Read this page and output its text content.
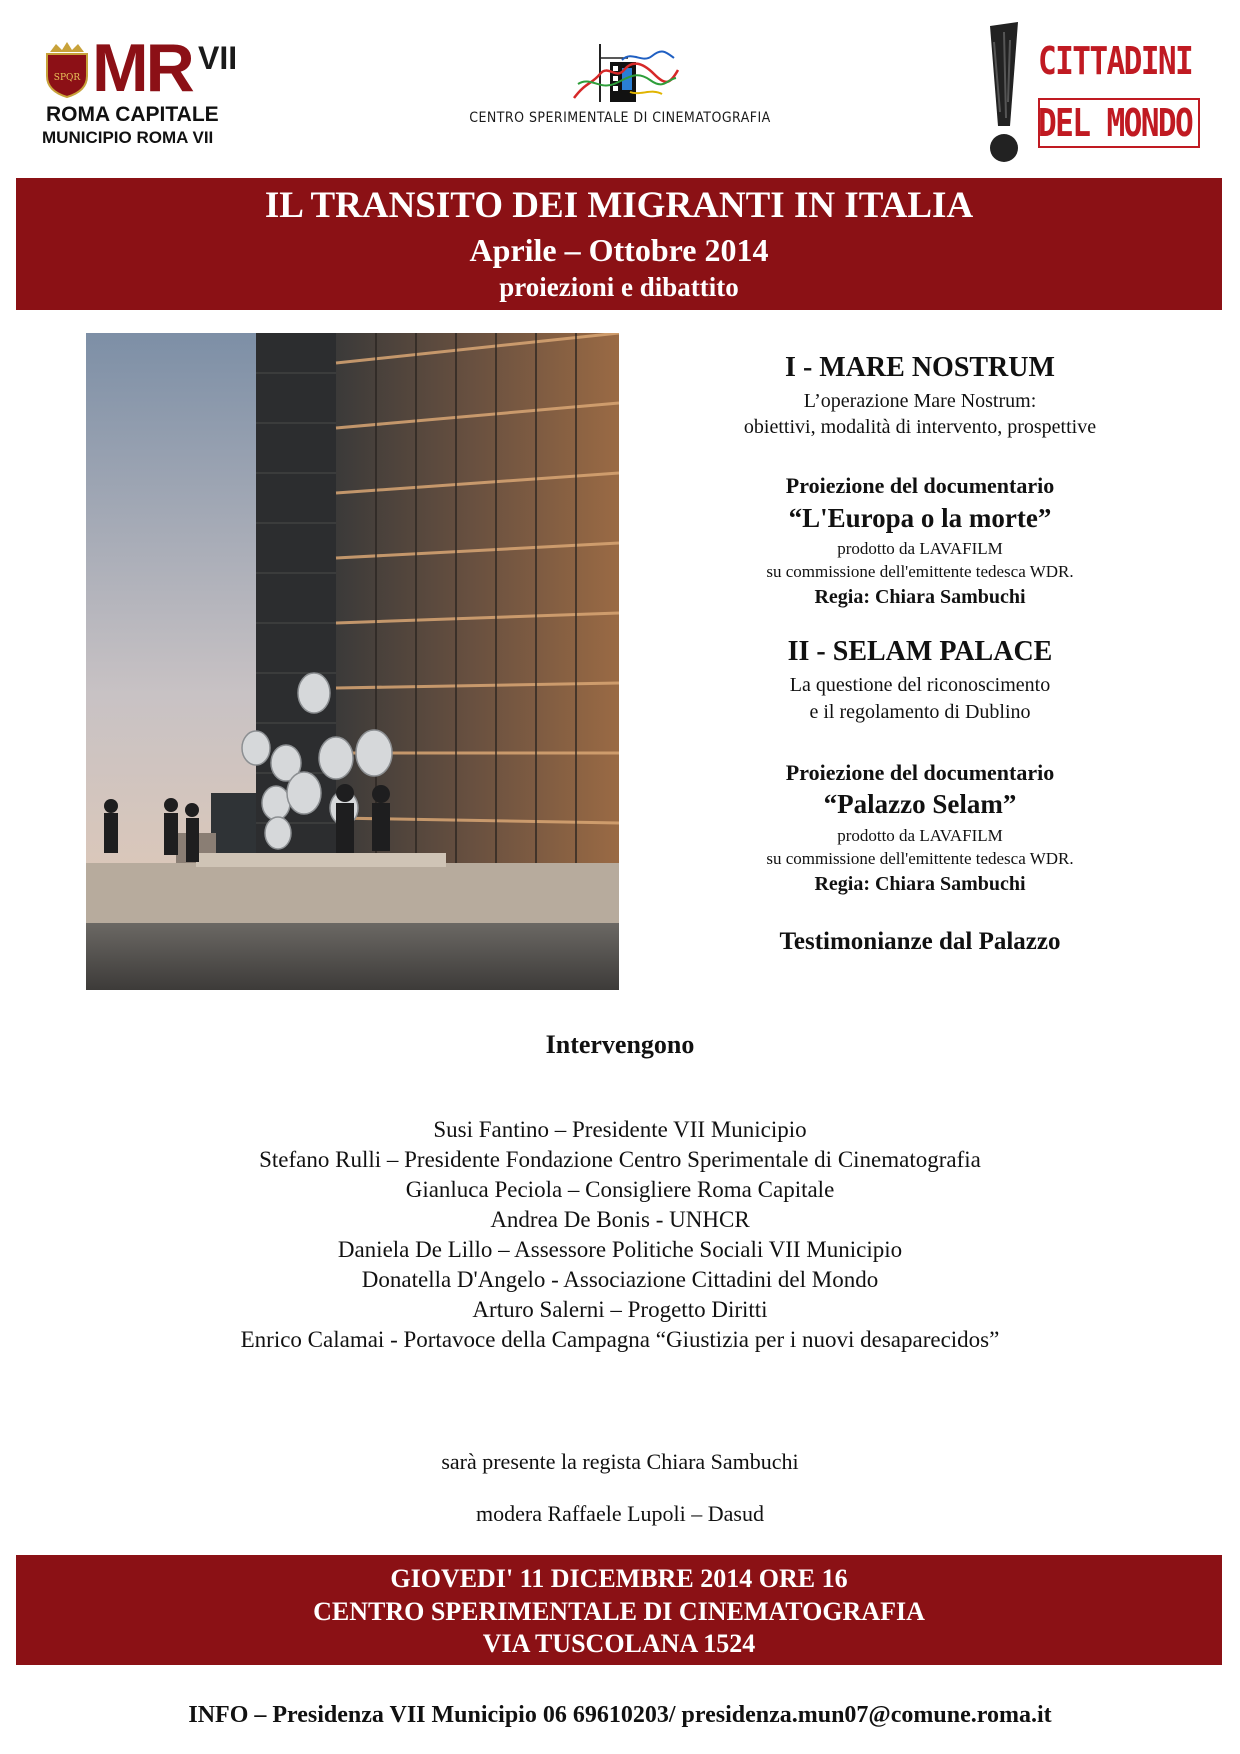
SPQR MR VII
ROMA CAPITALE
MUNICIPIO ROMA VII
CENTRO SPERIMENTALE DI CINEMATOGRAFIA
CITTADINI
DEL MONDO
IL TRANSITO DEI MIGRANTI IN ITALIA
Aprile – Ottobre 2014
proiezioni e dibattito
I - MARE NOSTRUM
L’operazione Mare Nostrum:
obiettivi, modalità di intervento, prospettive
Proiezione del documentario
“L'Europa o la morte”
prodotto da LAVAFILM
su commissione dell'emittente tedesca WDR.
Regia: Chiara Sambuchi
II - SELAM PALACE
La questione del riconoscimento
e il regolamento di Dublino
Proiezione del documentario
“Palazzo Selam”
prodotto da LAVAFILM
su commissione dell'emittente tedesca WDR.
Regia: Chiara Sambuchi
Testimonianze dal Palazzo
Intervengono
Susi Fantino – Presidente VII Municipio
Stefano Rulli – Presidente Fondazione Centro Sperimentale di Cinematografia
Gianluca Peciola – Consigliere Roma Capitale
Andrea De Bonis - UNHCR
Daniela De Lillo – Assessore Politiche Sociali VII Municipio
Donatella D'Angelo - Associazione Cittadini del Mondo
Arturo Salerni – Progetto Diritti
Enrico Calamai - Portavoce della Campagna “Giustizia per i nuovi desaparecidos”
sarà presente la regista Chiara Sambuchi
modera Raffaele Lupoli – Dasud
GIOVEDI' 11 DICEMBRE 2014 ORE 16
CENTRO SPERIMENTALE DI CINEMATOGRAFIA
VIA TUSCOLANA 1524
INFO – Presidenza VII Municipio 06 69610203/ presidenza.mun07@comune.roma.it
